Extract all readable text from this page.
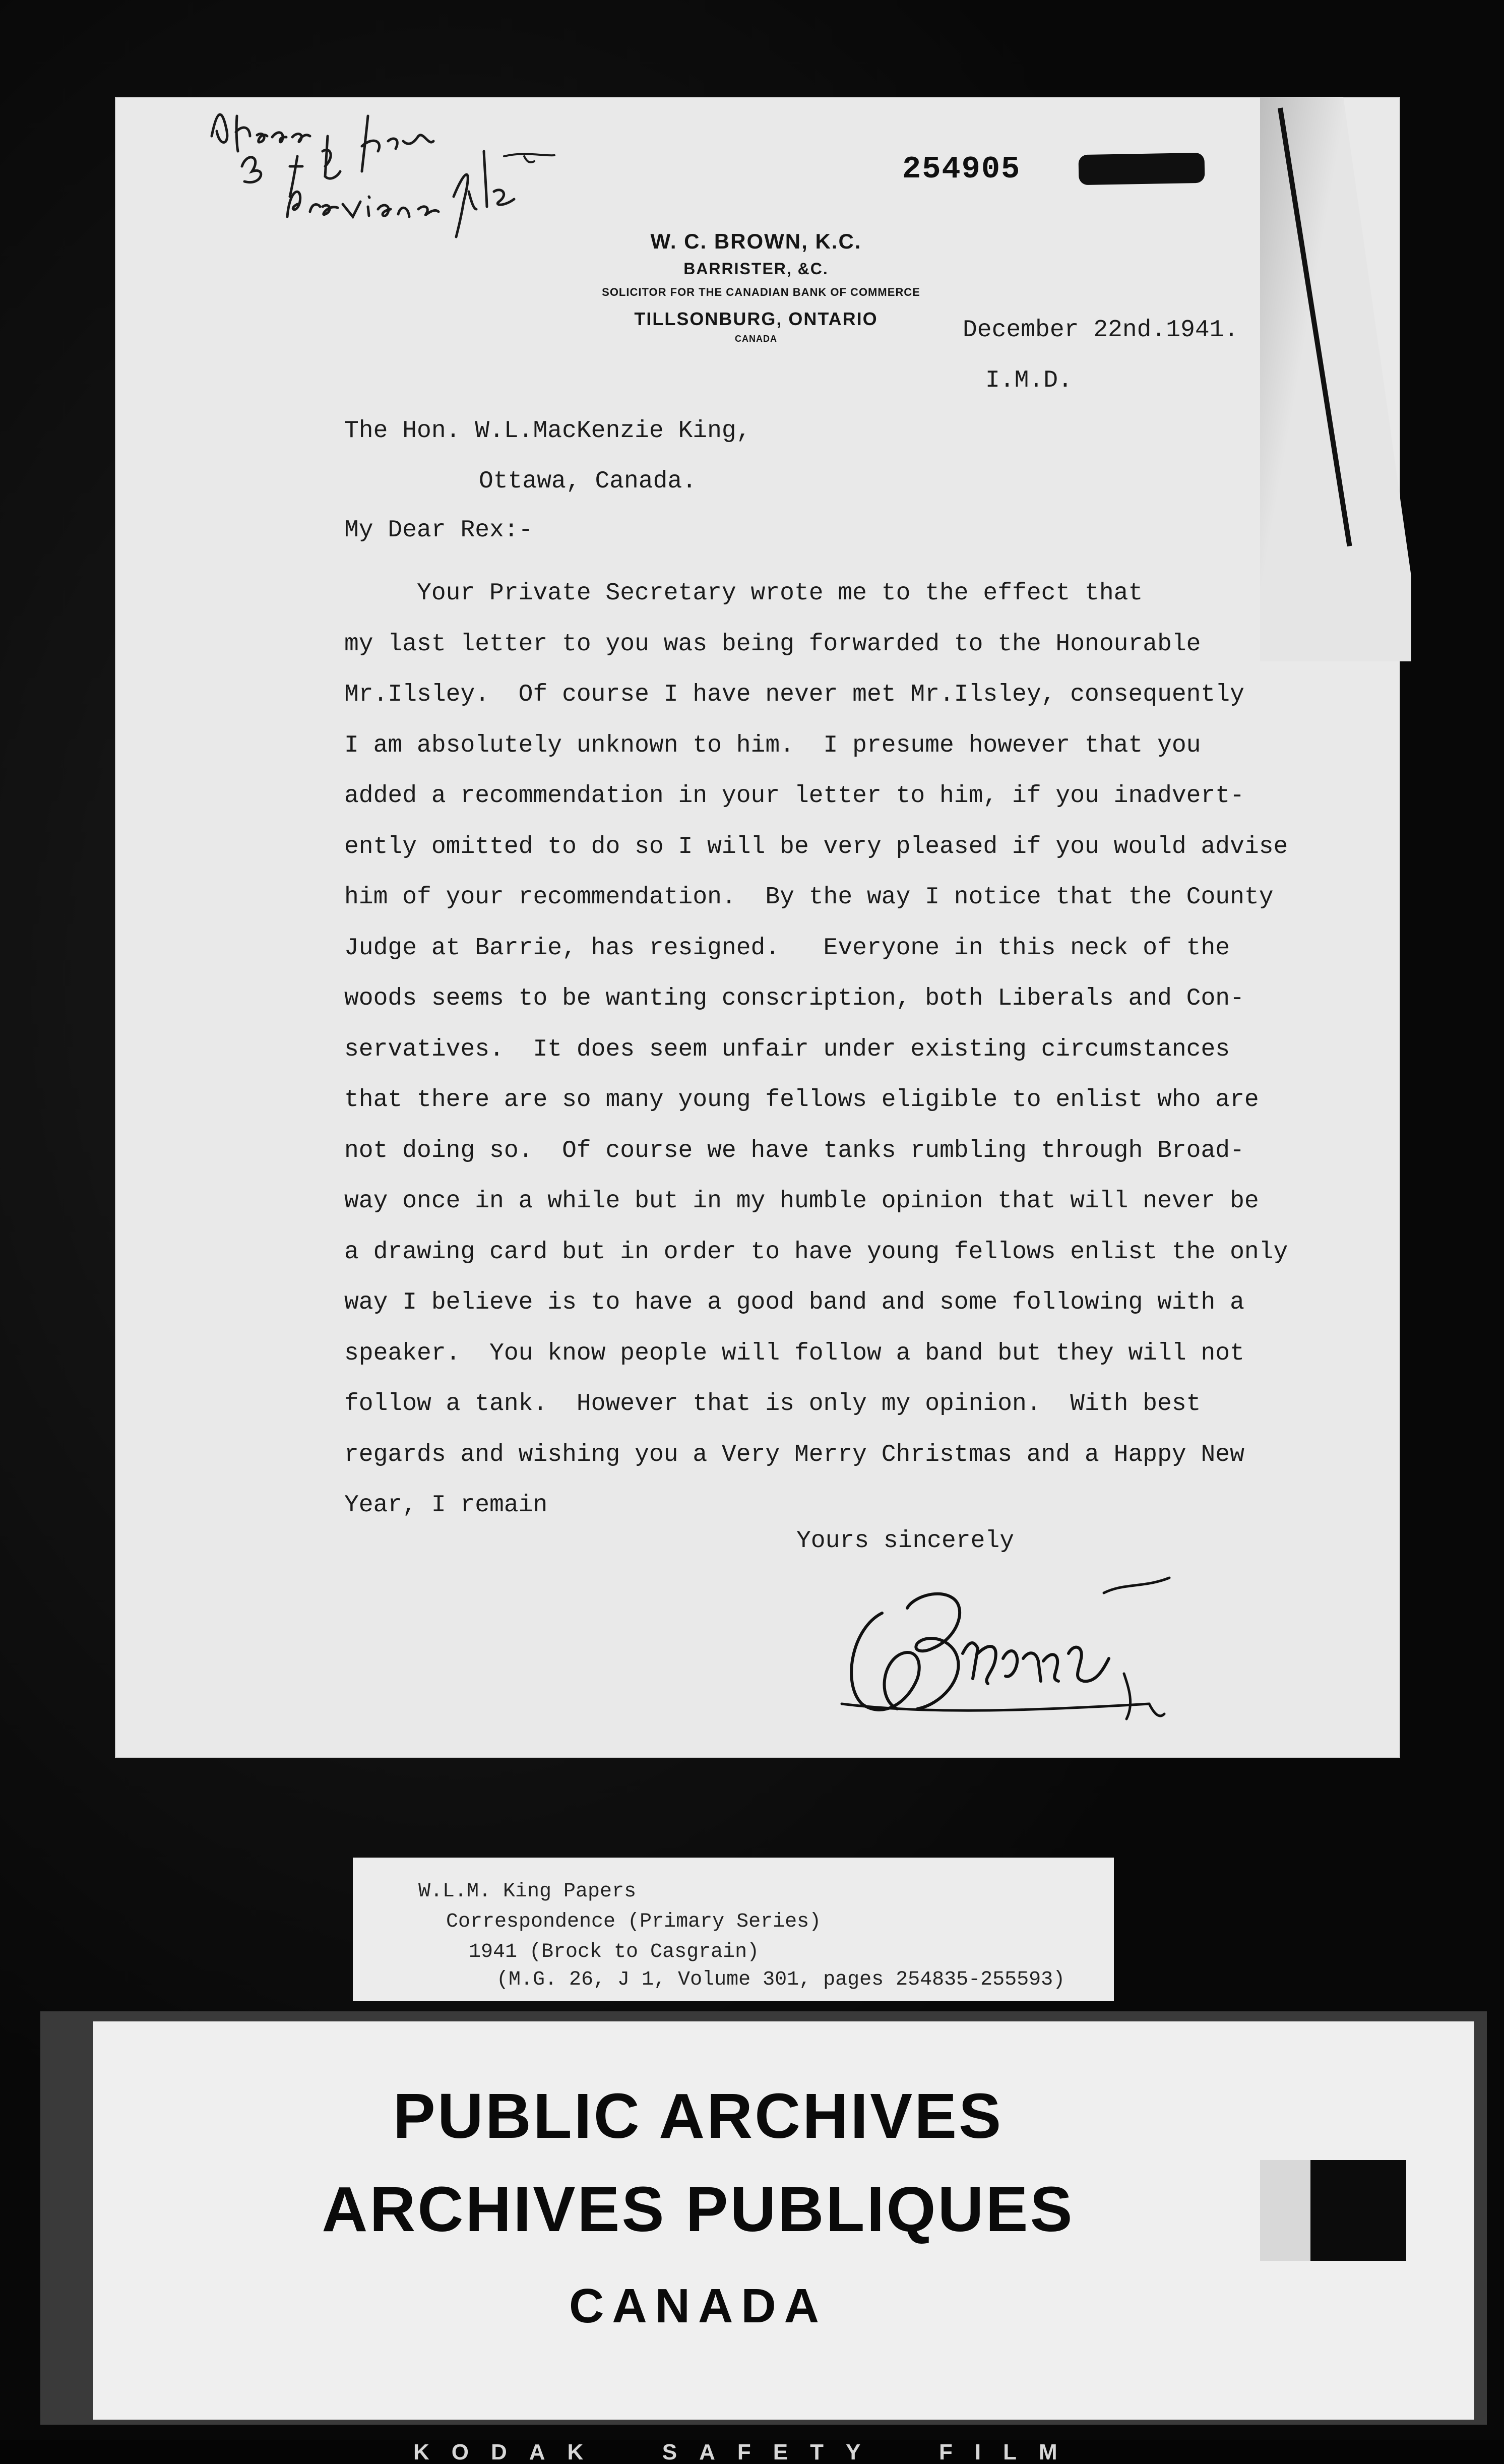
254905
W. C. BROWN, K.C.
BARRISTER, &C.
SOLICITOR FOR THE CANADIAN BANK OF COMMERCE
TILLSONBURG, ONTARIO
CANADA	December 22nd.1941.
I.M.D.
The Hon. W.L.MacKenzie King,
Ottawa, Canada.
My Dear Rex:-
Your Private Secretary wrote me to the effect that
my last letter to you was being forwarded to the Honourable
Mr.Ilsley.  Of course I have never met Mr.Ilsley, consequently
I am absolutely unknown to him.  I presume however that you
added a recommendation in your letter to him, if you inadvert-
ently omitted to do so I will be very pleased if you would advise
him of your recommendation.  By the way I notice that the County
Judge at Barrie, has resigned.   Everyone in this neck of the
woods seems to be wanting conscription, both Liberals and Con-
servatives.  It does seem unfair under existing circumstances
that there are so many young fellows eligible to enlist who are
not doing so.  Of course we have tanks rumbling through Broad-
way once in a while but in my humble opinion that will never be
a drawing card but in order to have young fellows enlist the only
way I believe is to have a good band and some following with a
speaker.  You know people will follow a band but they will not
follow a tank.  However that is only my opinion.  With best
regards and wishing you a Very Merry Christmas and a Happy New
Year, I remain
Yours sincerely
W.L.M. King Papers
Correspondence (Primary Series)
1941 (Brock to Casgrain)
(M.G. 26, J 1, Volume 301, pages 254835-255593)
PUBLIC ARCHIVES
ARCHIVES PUBLIQUES
CANADA
KODAK  SAFETY  FILM
